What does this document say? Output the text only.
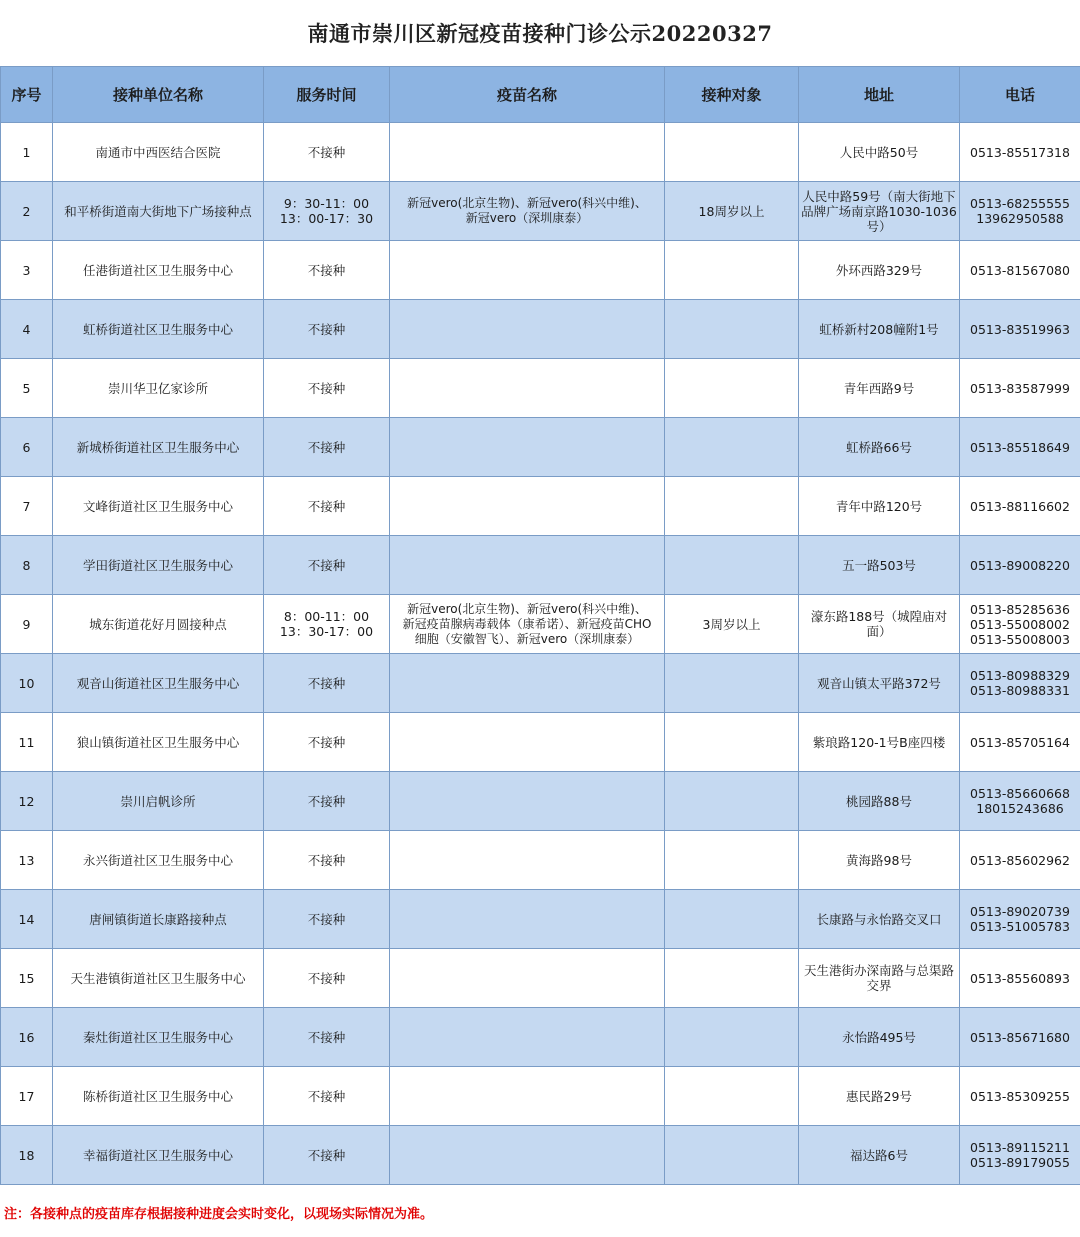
南通市崇川区新冠疫苗接种门诊公示20220327
序号	接种单位名称	服务时间	疫苗名称	接种对象	地址	电话
1	南通市中西医结合医院	不接种			人民中路50号	0513-85517318
2	和平桥街道南大街地下广场接种点	9：30-11：00
13：00-17：30	新冠vero(北京生物)、新冠vero(科兴中维)、
新冠vero（深圳康泰）	18周岁以上	人民中路59号（南大街地下
品牌广场南京路1030-1036
号）	0513-68255555
13962950588
3	任港街道社区卫生服务中心	不接种			外环西路329号	0513-81567080
4	虹桥街道社区卫生服务中心	不接种			虹桥新村208幢附1号	0513-83519963
5	崇川华卫亿家诊所	不接种			青年西路9号	0513-83587999
6	新城桥街道社区卫生服务中心	不接种			虹桥路66号	0513-85518649
7	文峰街道社区卫生服务中心	不接种			青年中路120号	0513-88116602
8	学田街道社区卫生服务中心	不接种			五一路503号	0513-89008220
9	城东街道花好月圆接种点	8：00-11：00
13：30-17：00	新冠vero(北京生物)、新冠vero(科兴中维)、
新冠疫苗腺病毒载体（康希诺）、新冠疫苗CHO
细胞（安徽智飞）、新冠vero（深圳康泰）	3周岁以上	濠东路188号（城隍庙对
面）	0513-85285636
0513-55008002
0513-55008003
10	观音山街道社区卫生服务中心	不接种			观音山镇太平路372号	0513-80988329
0513-80988331
11	狼山镇街道社区卫生服务中心	不接种			紫琅路120-1号B座四楼	0513-85705164
12	崇川启帆诊所	不接种			桃园路88号	0513-85660668
18015243686
13	永兴街道社区卫生服务中心	不接种			黄海路98号	0513-85602962
14	唐闸镇街道长康路接种点	不接种			长康路与永怡路交叉口	0513-89020739
0513-51005783
15	天生港镇街道社区卫生服务中心	不接种			天生港街办深南路与总渠路
交界	0513-85560893
16	秦灶街道社区卫生服务中心	不接种			永怡路495号	0513-85671680
17	陈桥街道社区卫生服务中心	不接种			惠民路29号	0513-85309255
18	幸福街道社区卫生服务中心	不接种			福达路6号	0513-89115211
0513-89179055
注：各接种点的疫苗库存根据接种进度会实时变化，以现场实际情况为准。
